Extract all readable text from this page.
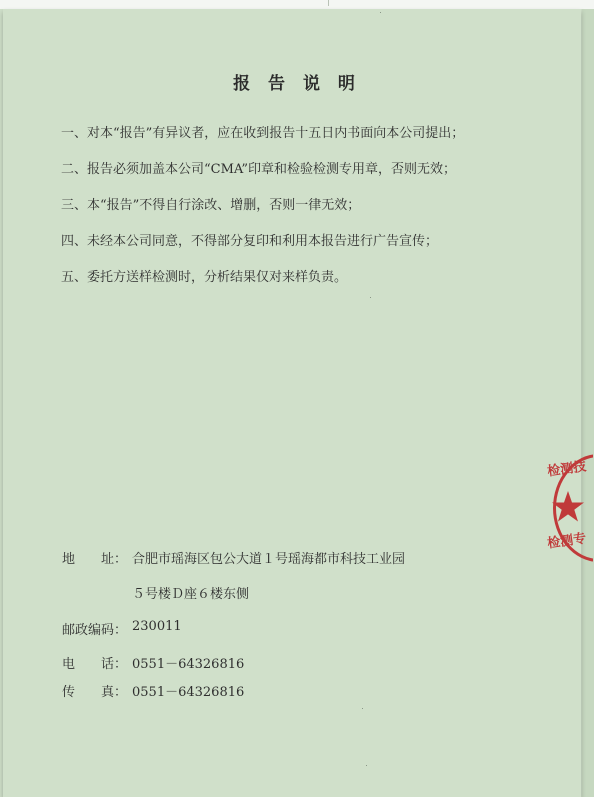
报 告 说 明
一、对本“报告”有异议者，应在收到报告十五日内书面向本公司提出；
二、报告必须加盖本公司“CMA”印章和检验检测专用章，否则无效；
三、本“报告”不得自行涂改、增删，否则一律无效；
四、未经本公司同意，不得部分复印和利用本报告进行广告宣传；
五、委托方送样检测时，分析结果仅对来样负责。
地　　址： 合肥市瑶海区包公大道１号瑶海都市科技工业园
５号楼Ｄ座６楼东侧
邮政编码： 230011
电　　话： 0551－64326816
传　　真： 0551－64326816
检测技
检测专
